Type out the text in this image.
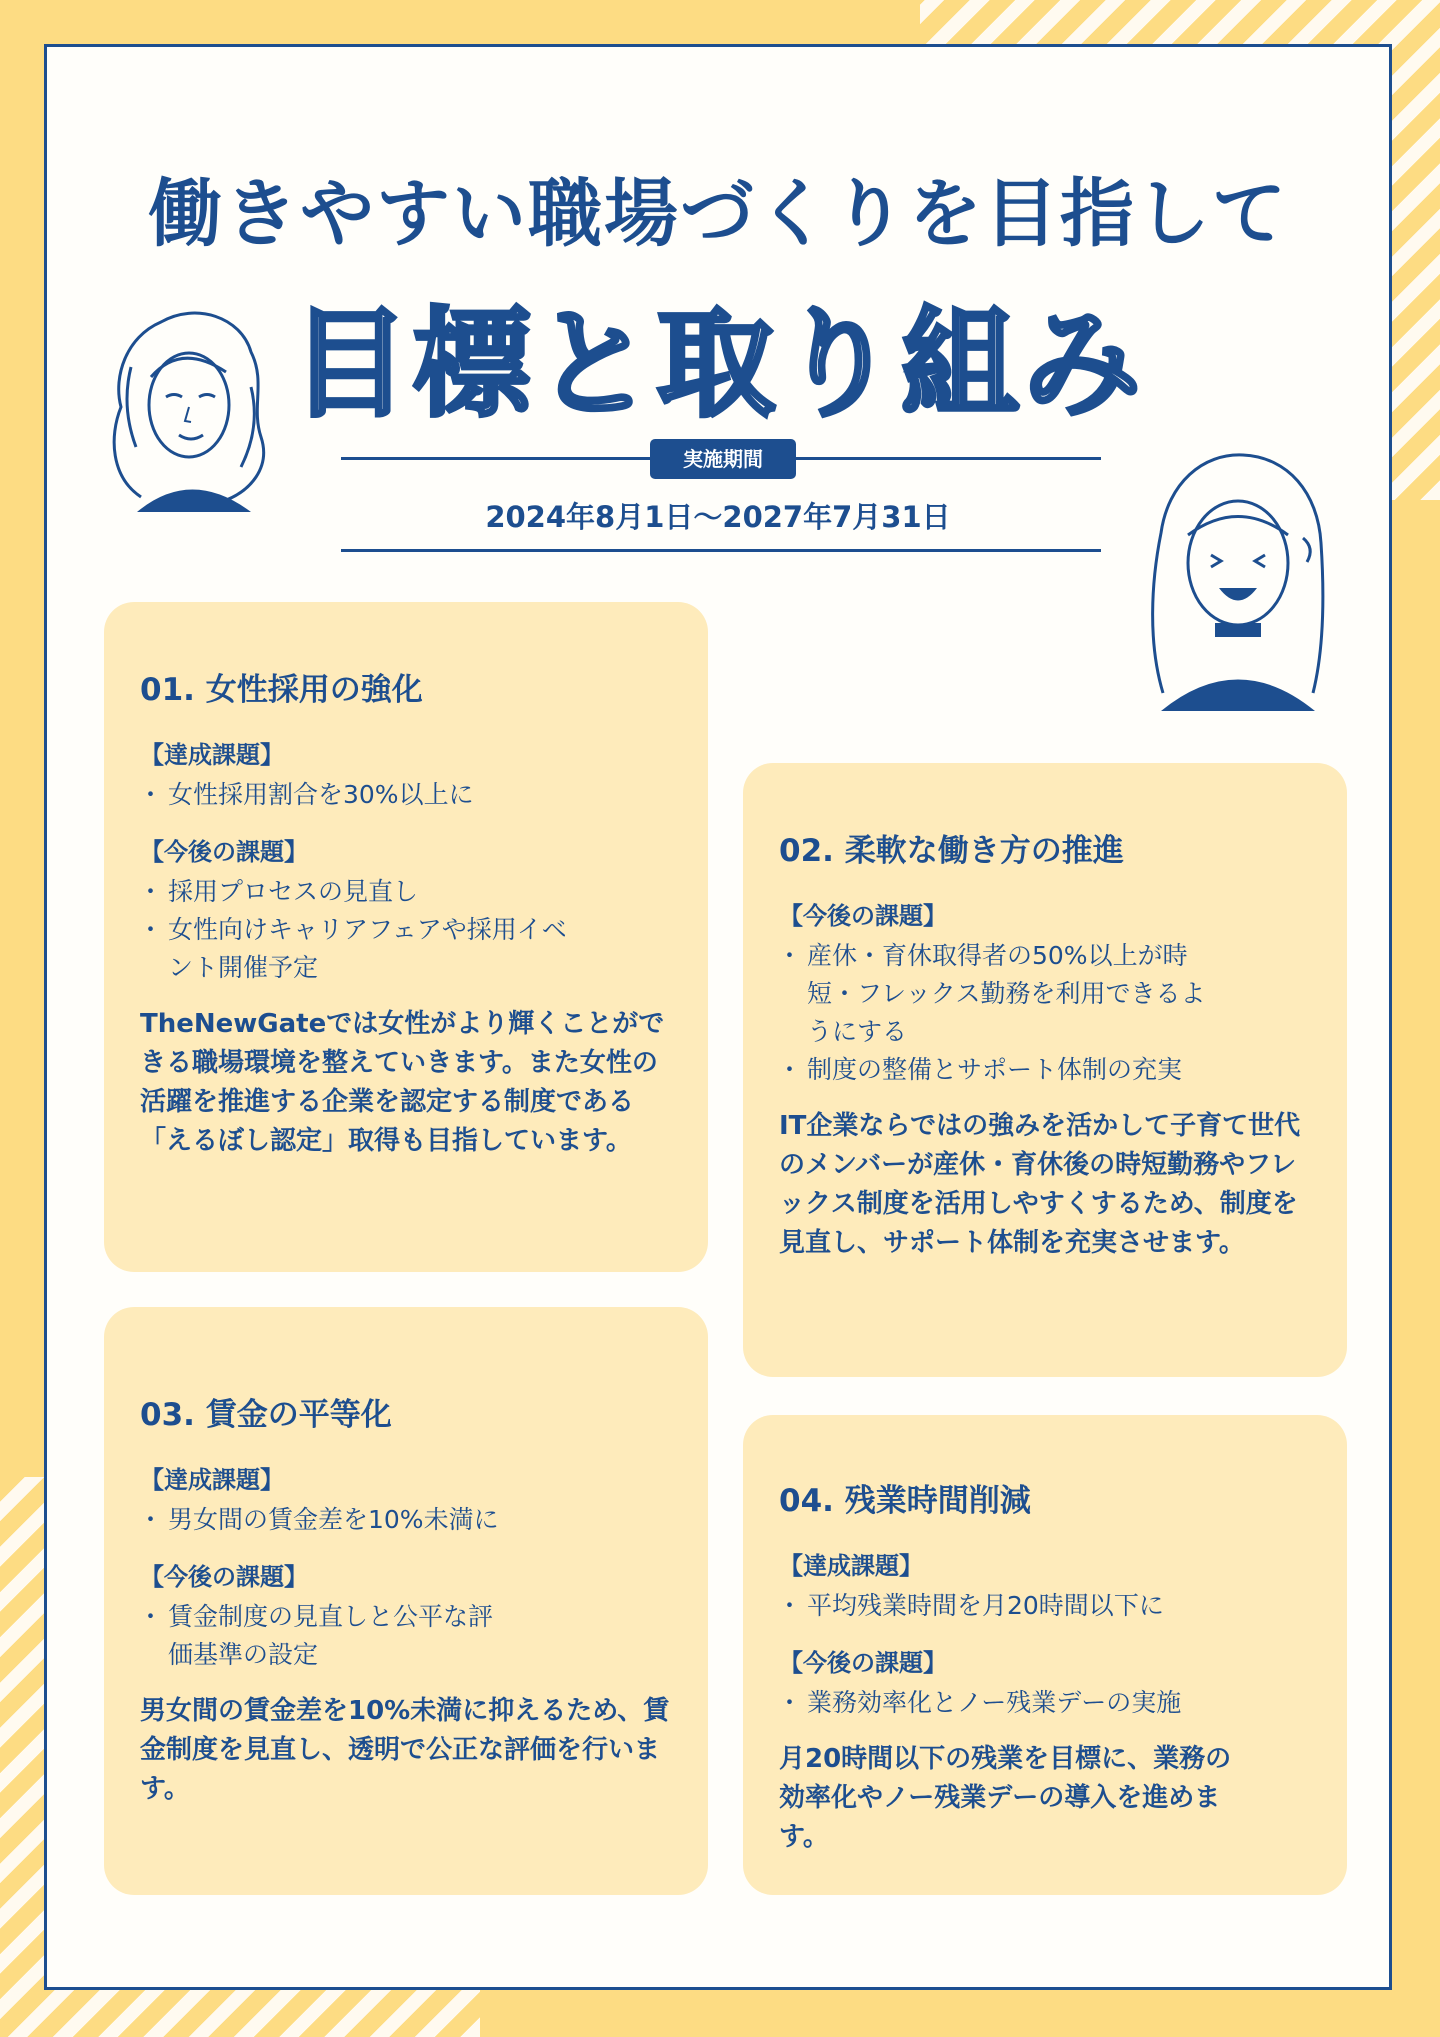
働きやすい職場づくりを目指して
目標と取り組み
実施期間
2024年8月1日～2027年7月31日
01. 女性採用の強化
【達成課題】
・ 女性採用割合を30%以上に
【今後の課題】
・ 採用プロセスの見直し
・ 女性向けキャリアフェアや採用イベント開催予定

TheNewGateでは女性がより輝くことができる職場環境を整えていきます。また女性の活躍を推進する企業を認定する制度である「えるぼし認定」取得も目指しています。

02. 柔軟な働き方の推進
【今後の課題】
・ 産休・育休取得者の50%以上が時短・フレックス勤務を利用できるようにする
・ 制度の整備とサポート体制の充実

IT企業ならではの強みを活かして子育て世代のメンバーが産休・育休後の時短勤務やフレックス制度を活用しやすくするため、制度を見直し、サポート体制を充実させます。

03. 賃金の平等化
【達成課題】
・ 男女間の賃金差を10%未満に
【今後の課題】
・ 賃金制度の見直しと公平な評価基準の設定

男女間の賃金差を10%未満に抑えるため、賃金制度を見直し、透明で公正な評価を行います。

04. 残業時間削減
【達成課題】
・ 平均残業時間を月20時間以下に
【今後の課題】
・ 業務効率化とノー残業デーの実施

月20時間以下の残業を目標に、業務の効率化やノー残業デーの導入を進めます。
